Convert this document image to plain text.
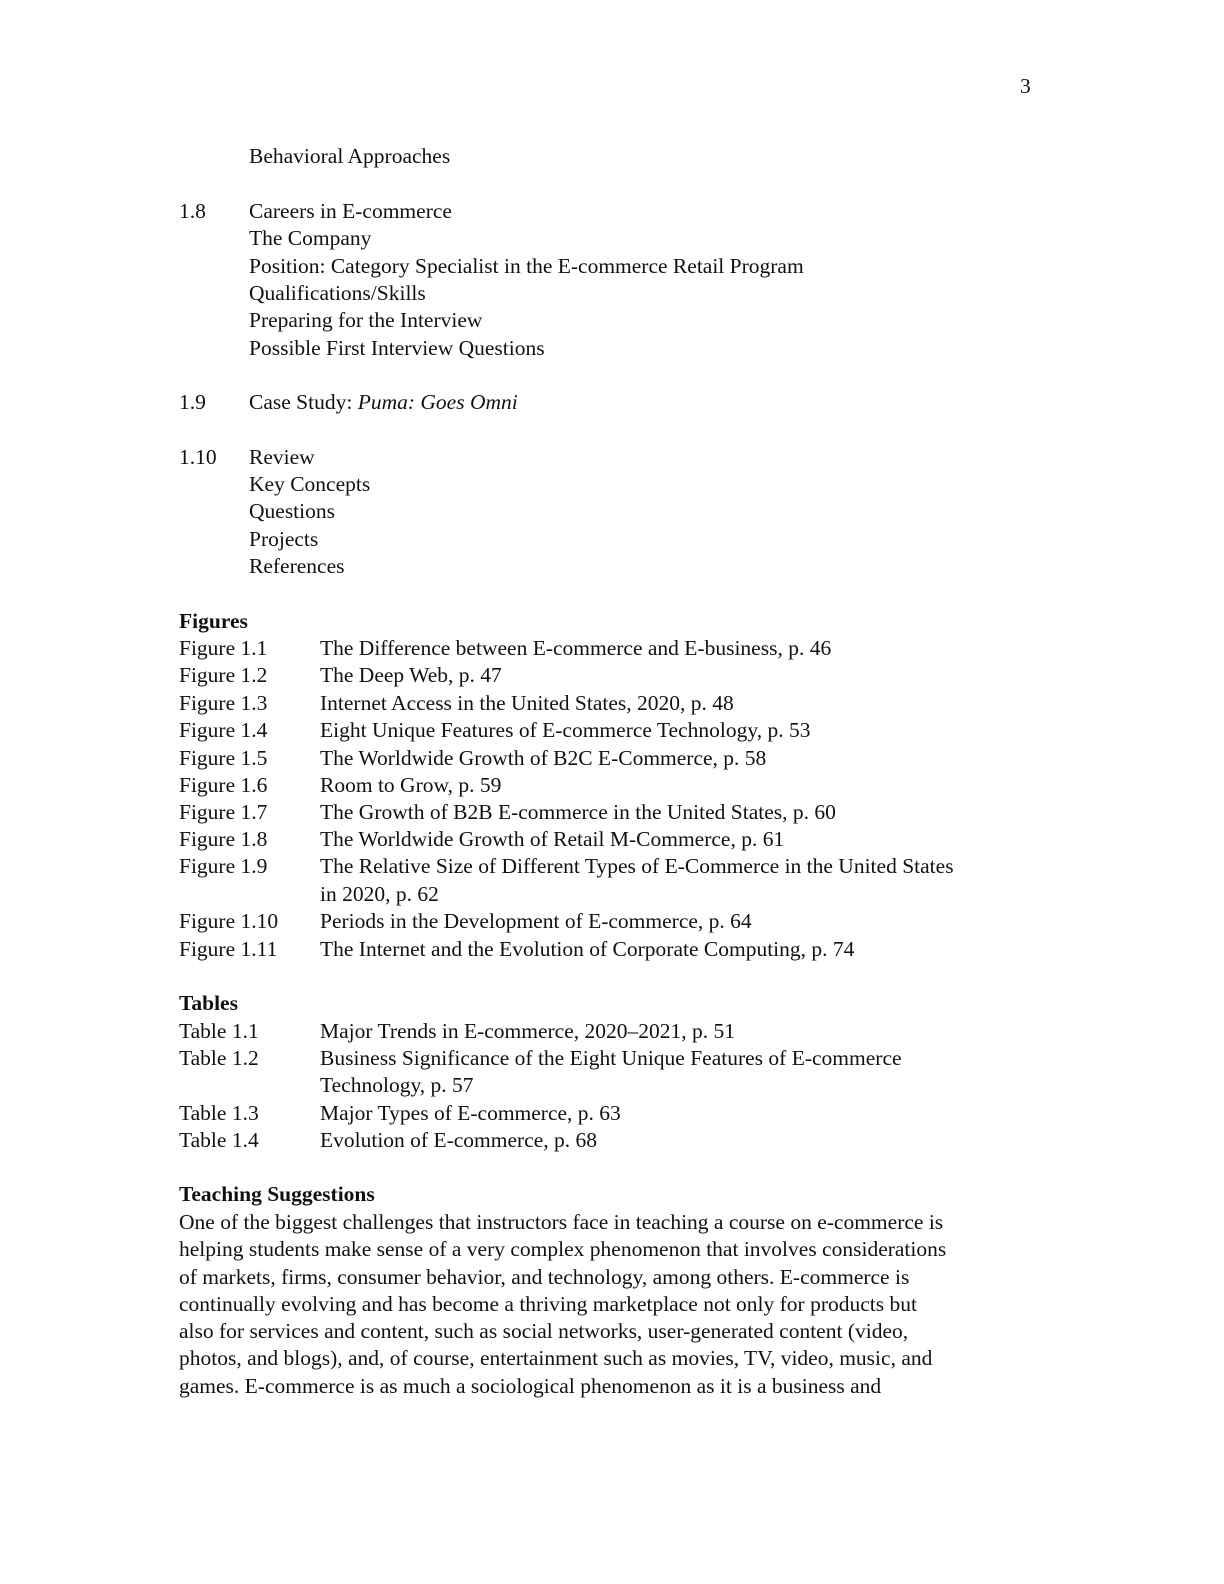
3
Behavioral Approaches
1.8 Careers in E-commerce
The Company
Position: Category Specialist in the E-commerce Retail Program
Qualifications/Skills
Preparing for the Interview
Possible First Interview Questions
1.9 Case Study: Puma: Goes Omni
1.10 Review
Key Concepts
Questions
Projects
References
Figures
Figure 1.1 The Difference between E-commerce and E-business, p. 46
Figure 1.2 The Deep Web, p. 47
Figure 1.3 Internet Access in the United States, 2020, p. 48
Figure 1.4 Eight Unique Features of E-commerce Technology, p. 53
Figure 1.5 The Worldwide Growth of B2C E-Commerce, p. 58
Figure 1.6 Room to Grow, p. 59
Figure 1.7 The Growth of B2B E-commerce in the United States, p. 60
Figure 1.8 The Worldwide Growth of Retail M-Commerce, p. 61
Figure 1.9 The Relative Size of Different Types of E-Commerce in the United States
in 2020, p. 62
Figure 1.10 Periods in the Development of E-commerce, p. 64
Figure 1.11 The Internet and the Evolution of Corporate Computing, p. 74
Tables
Table 1.1	Major Trends in E-commerce, 2020–2021, p. 51
Table 1.2	Business Significance of the Eight Unique Features of E-commerce
Technology, p. 57
Table 1.3	Major Types of E-commerce, p. 63
Table 1.4	Evolution of E-commerce, p. 68
Teaching Suggestions
One of the biggest challenges that instructors face in teaching a course on e-commerce is
helping students make sense of a very complex phenomenon that involves considerations
of markets, firms, consumer behavior, and technology, among others. E-commerce is
continually evolving and has become a thriving marketplace not only for products but
also for services and content, such as social networks, user-generated content (video,
photos, and blogs), and, of course, entertainment such as movies, TV, video, music, and
games. E-commerce is as much a sociological phenomenon as it is a business and
